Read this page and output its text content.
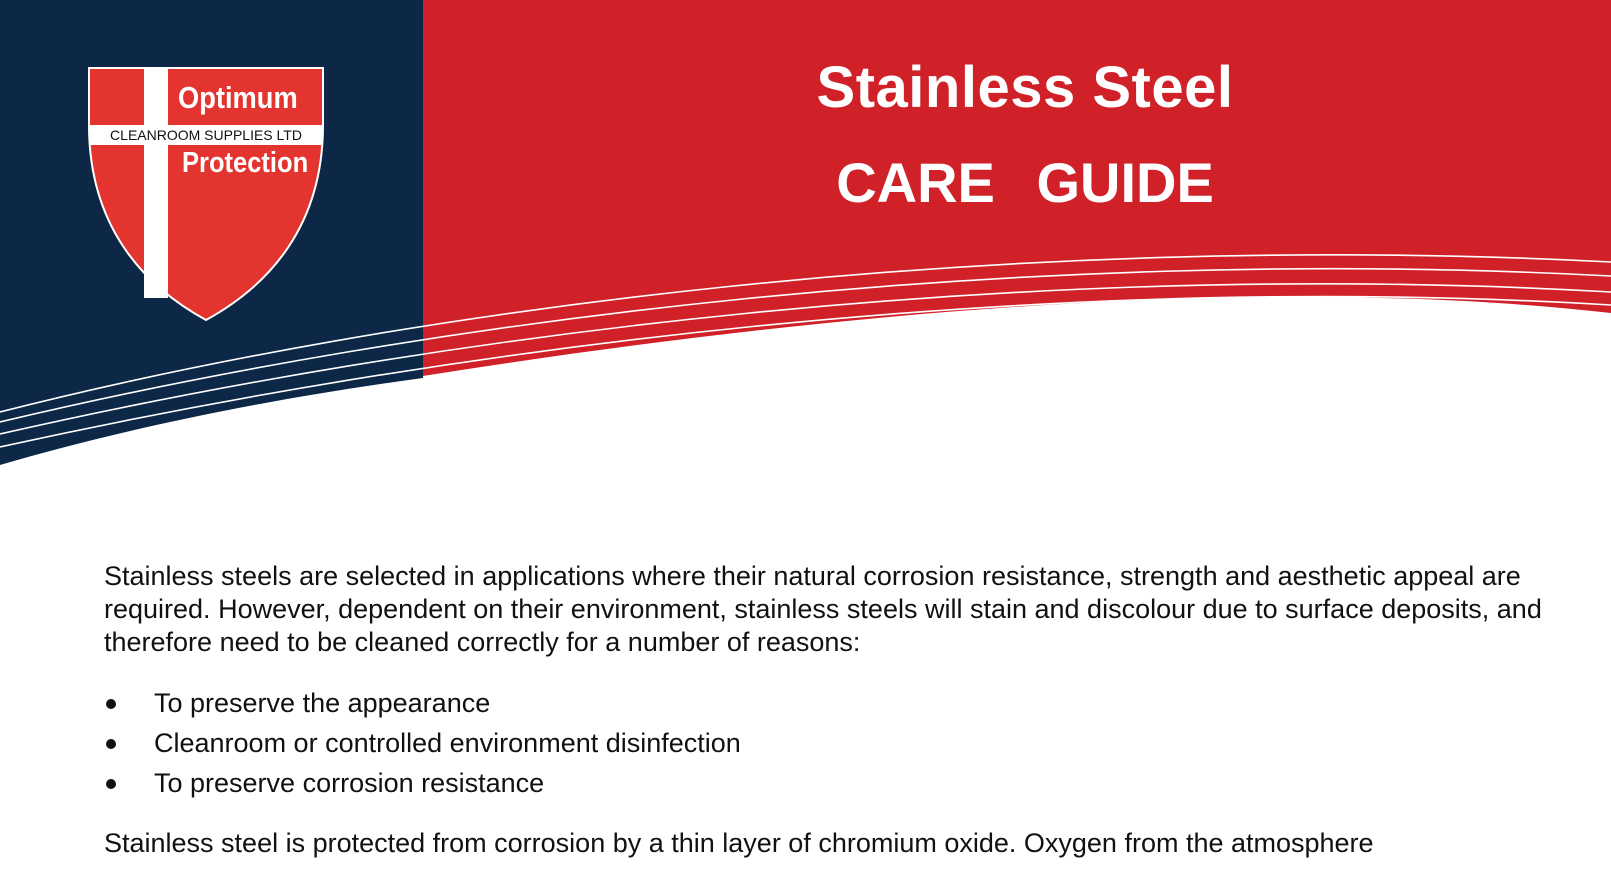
Optimum
CLEANROOM SUPPLIES LTD
Protection
Stainless Steel
CARE GUIDE

Stainless steels are selected in applications where their natural corrosion resistance, strength and aesthetic appeal are required. However, dependent on their environment, stainless steels will stain and discolour due to surface deposits, and therefore need to be cleaned correctly for a number of reasons:

To preserve the appearance
Cleanroom or controlled environment disinfection
To preserve corrosion resistance

Stainless steel is protected from corrosion by a thin layer of chromium oxide. Oxygen from the atmosphere
